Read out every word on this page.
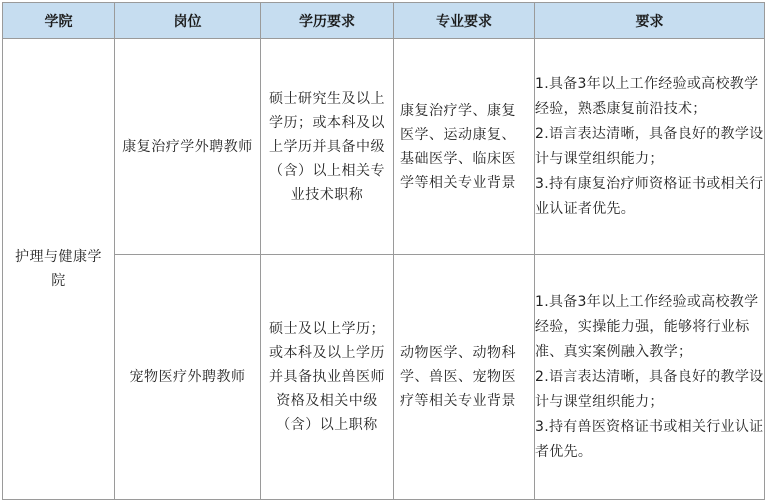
学院	岗位	学历要求	专业要求	要求

护理与健康学院	康复治疗学外聘教师	硕士研究生及以上学历；或本科及以上学历并具备中级（含）以上相关专业技术职称	康复治疗学、康复医学、运动康复、基础医学、临床医学等相关专业背景	1.具备3年以上工作经验或高校教学经验，熟悉康复前沿技术；
2.语言表达清晰，具备良好的教学设计与课堂组织能力；
3.持有康复治疗师资格证书或相关行业认证者优先。

	宠物医疗外聘教师	硕士及以上学历；或本科及以上学历并具备执业兽医师资格及相关中级（含）以上职称	动物医学、动物科学、兽医、宠物医疗等相关专业背景	1.具备3年以上工作经验或高校教学经验，实操能力强，能够将行业标准、真实案例融入教学；
2.语言表达清晰，具备良好的教学设计与课堂组织能力；
3.持有兽医资格证书或相关行业认证者优先。
